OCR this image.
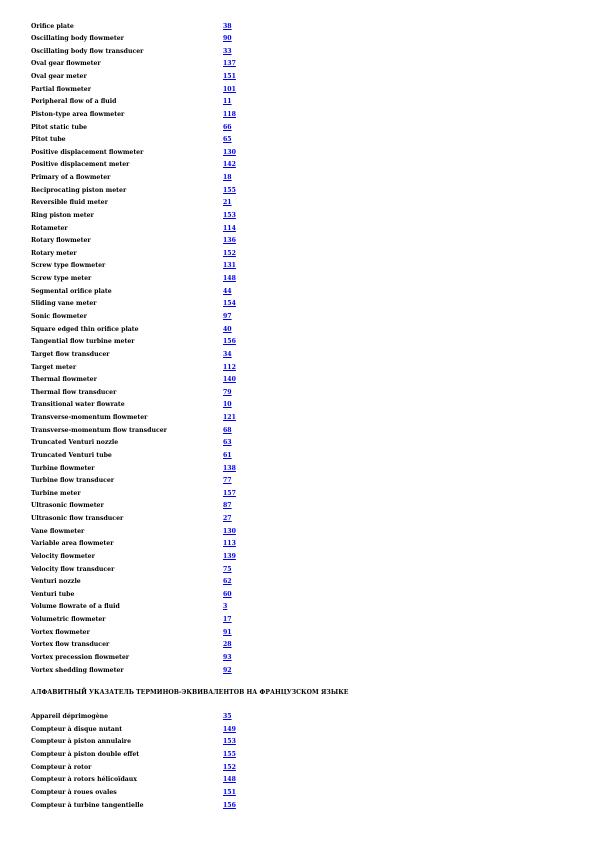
Orifice plate	38
Oscillating body flowmeter	90
Oscillating body flow transducer	33
Oval gear flowmeter	137
Oval gear meter	151
Partial flowmeter	101
Peripheral flow of a fluid	11
Piston-type area flowmeter	118
Pitot static tube	66
Pitot tube	65
Positive displacement flowmeter	130
Positive displacement meter	142
Primary of a flowmeter	18
Reciprocating piston meter	155
Reversible fluid meter	21
Ring piston meter	153
Rotameter	114
Rotary flowmeter	136
Rotary meter	152
Screw type flowmeter	131
Screw type meter	148
Segmental orifice plate	44
Sliding vane meter	154
Sonic flowmeter	97
Square edged thin orifice plate	40
Tangential flow turbine meter	156
Target flow transducer	34
Target meter	112
Thermal flowmeter	140
Thermal flow transducer	79
Transitional water flowrate	10
Transverse-momentum flowmeter	121
Transverse-momentum flow transducer	68
Truncated Venturi nozzle	63
Truncated Venturi tube	61
Turbine flowmeter	138
Turbine flow transducer	77
Turbine meter	157
Ultrasonic flowmeter	87
Ultrasonic flow transducer	27
Vane flowmeter	130
Variable area flowmeter	113
Velocity flowmeter	139
Velocity flow transducer	75
Venturi nozzle	62
Venturi tube	60
Volume flowrate of a fluid	3
Volumetric flowmeter	17
Vortex flowmeter	91
Vortex flow transducer	28
Vortex precession flowmeter	93
Vortex shedding flowmeter	92
АЛФАВИТНЫЙ УКАЗАТЕЛЬ ТЕРМИНОВ-ЭКВИВАЛЕНТОВ НА ФРАНЦУЗСКОМ ЯЗЫКЕ
Appareil déprimogène	35
Compteur à disque nutant	149
Compteur à piston annulaire	153
Compteur à piston double effet	155
Compteur à rotor	152
Compteur à rotors hélicoïdaux	148
Compteur à roues ovales	151
Compteur à turbine tangentielle	156
